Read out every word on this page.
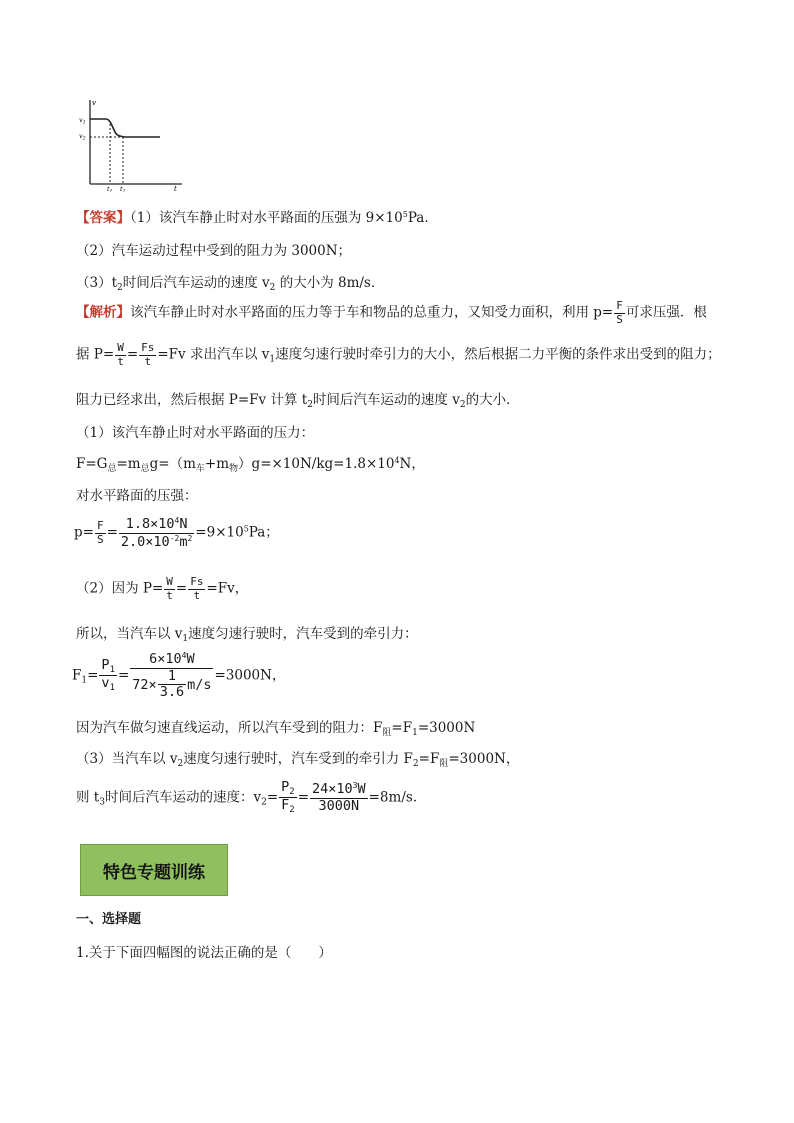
v
t
$v_1$
$v_2$
$t_1$ $t_2$
【答案】（1）该汽车静止时对水平路面的压强为 $9\times 10^5Pa$．
（2）汽车运动过程中受到的阻力为 3000N；
$(3)t_2$时间后汽车运动的速度 $v_2$ 的大小为 8m/s．
【解析】该汽车静止时对水平路面的压力等于车和物品的总重力，又知受力面积，利用 $p= \frac{F}{S}$ 可求压强．根
据 $P= \frac{W}{t} = \frac{Fs}{t} =Fv$ 求出汽车以 $v_1$速度匀速行驶时牵引力的大小，然后根据二力平衡的条件求出受到的阻力；
阻力已经求出，然后根据 P=Fv 计算 $t_2$时间后汽车运动的速度 $v_2$的大小．
（1）该汽车静止时对水平路面的压力：
$F=G_总=m_总g=(m_车+m_物)g=\times 10N/kg=1.8\times 10^4N$，
对水平路面的压强：
$p= \frac{F}{S} = \frac{1.8\times 10^4N}{2.0\times 10^{-2}m^2} =9\times 10^5Pa$；
（2）因为 $P= \frac{W}{t} = \frac{Fs}{t} =Fv$，
所以，当汽车以 $v_1$速度匀速行驶时，汽车受到的牵引力：
$F_1= \frac{P_1}{v_1} = \frac{6\times 10^4W}{72\times \frac{1}{3.6} m/s} =3000N$，
因为汽车做匀速直线运动，所以汽车受到的阻力：$F_阻=F_1=3000N$
（3）当汽车以 $v_2$速度匀速行驶时，汽车受到的牵引力 $F_2=F_阻=3000N$，
则 $t_3$时间后汽车运动的速度：$v_2= \frac{P_2}{F_2} = \frac{24\times 10^3W}{3000N} =8m/s$.
特色专题训练
一、选择题
1.关于下面四幅图的说法正确的是（　　）
